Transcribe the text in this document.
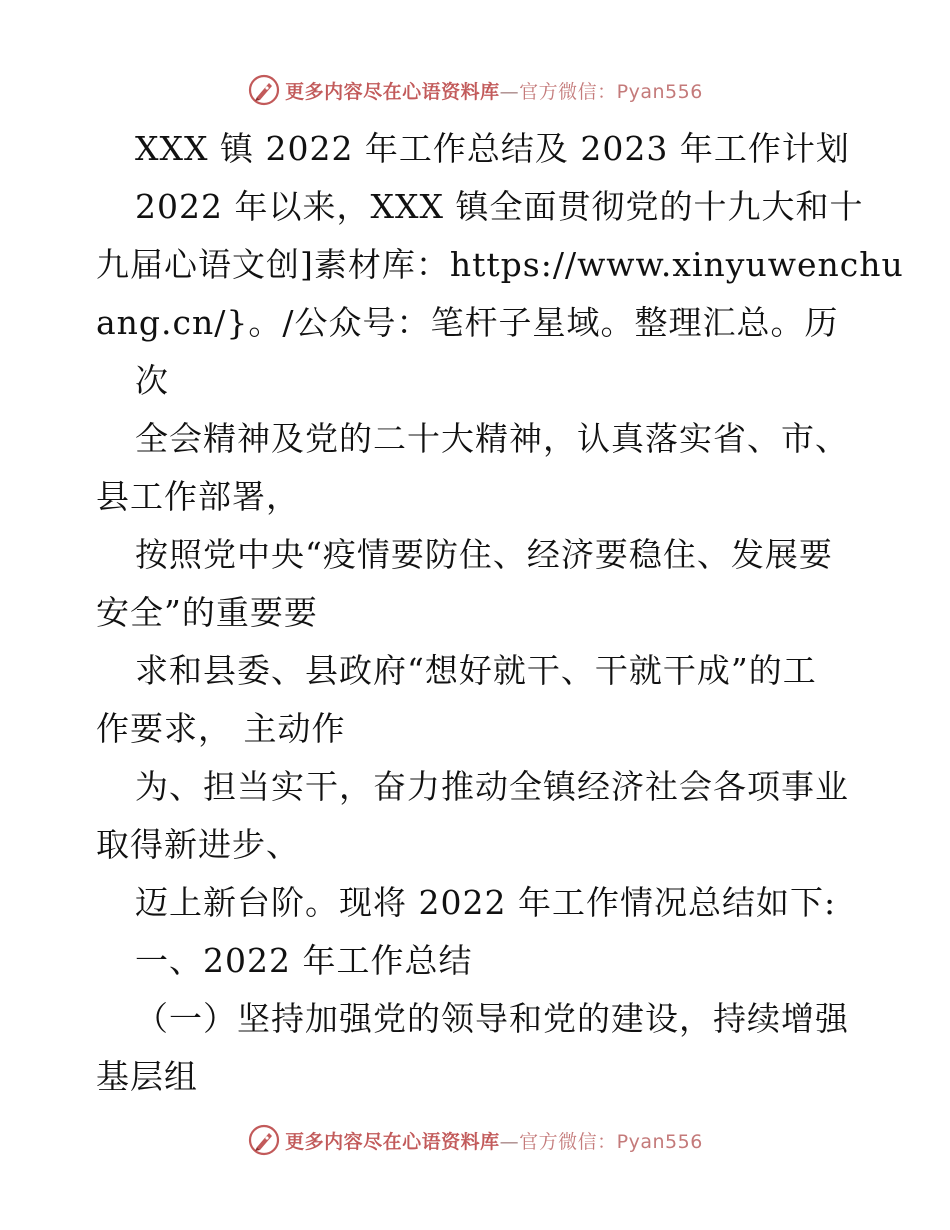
更多内容尽在心语资料库—官方微信：Pyan556
XXX 镇 2022 年工作总结及 2023 年工作计划
2022 年以来，XXX 镇全面贯彻党的十九大和十
九届心语文创]素材库：https://www.xinyuwenchu
ang.cn/}。/公众号：笔杆子星域。整理汇总。历
次
全会精神及党的二十大精神，认真落实省、市、
县工作部署，
按照党中央“疫情要防住、经济要稳住、发展要
安全”的重要要
求和县委、县政府“想好就干、干就干成”的工
作要求， 主动作
为、担当实干，奋力推动全镇经济社会各项事业
取得新进步、
迈上新台阶。现将 2022 年工作情况总结如下:
一、2022 年工作总结
（一）坚持加强党的领导和党的建设，持续增强
基层组
更多内容尽在心语资料库—官方微信：Pyan556
